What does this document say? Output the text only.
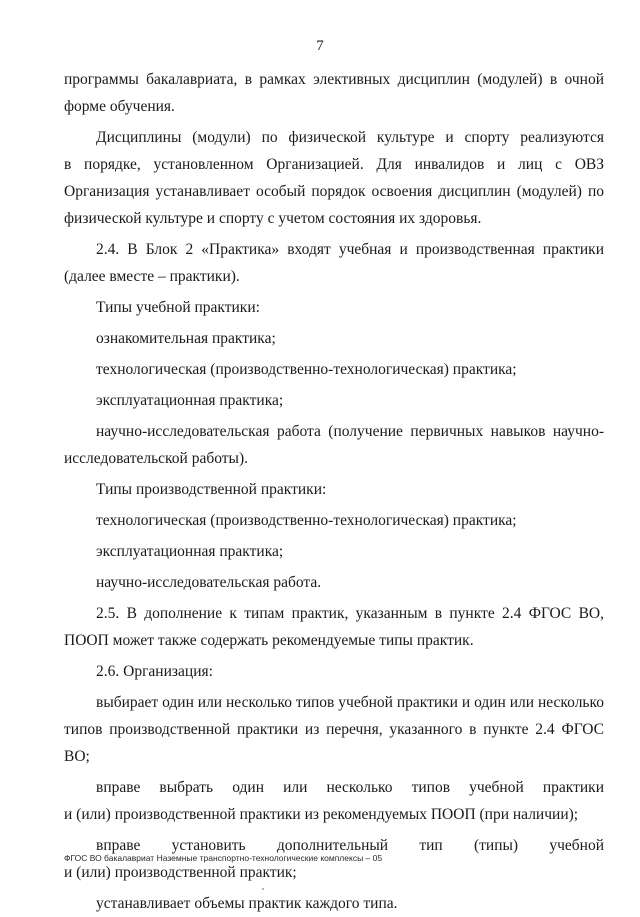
7
программы бакалавриата, в рамках элективных дисциплин (модулей) в очной
форме обучения.
Дисциплины (модули) по физической культуре и спорту реализуются
в порядке, установленном Организацией. Для инвалидов и лиц с ОВЗ Организация устанавливает особый порядок освоения дисциплин (модулей) по физической культуре и спорту с учетом состояния их здоровья.
2.4. В Блок 2 «Практика» входят учебная и производственная практики
(далее вместе – практики).
Типы учебной практики:
ознакомительная практика;
технологическая (производственно-технологическая) практика;
эксплуатационная практика;
научно-исследовательская работа (получение первичных навыков научно-
исследовательской работы).
Типы производственной практики:
технологическая (производственно-технологическая) практика;
эксплуатационная практика;
научно-исследовательская работа.
2.5. В дополнение к типам практик, указанным в пункте 2.4 ФГОС ВО,
ПООП может также содержать рекомендуемые типы практик.
2.6. Организация:
выбирает один или несколько типов учебной практики и один или несколько
типов производственной практики из перечня, указанного в пункте 2.4 ФГОС ВО;
вправе выбрать один или несколько типов учебной практики
и (или) производственной практики из рекомендуемых ПООП (при наличии);
вправе установить дополнительный тип (типы) учебной
и (или) производственной практик;
устанавливает объемы практик каждого типа.
ФГОС ВО бакалавриат Наземные транспортно-технологические комплексы – 05
